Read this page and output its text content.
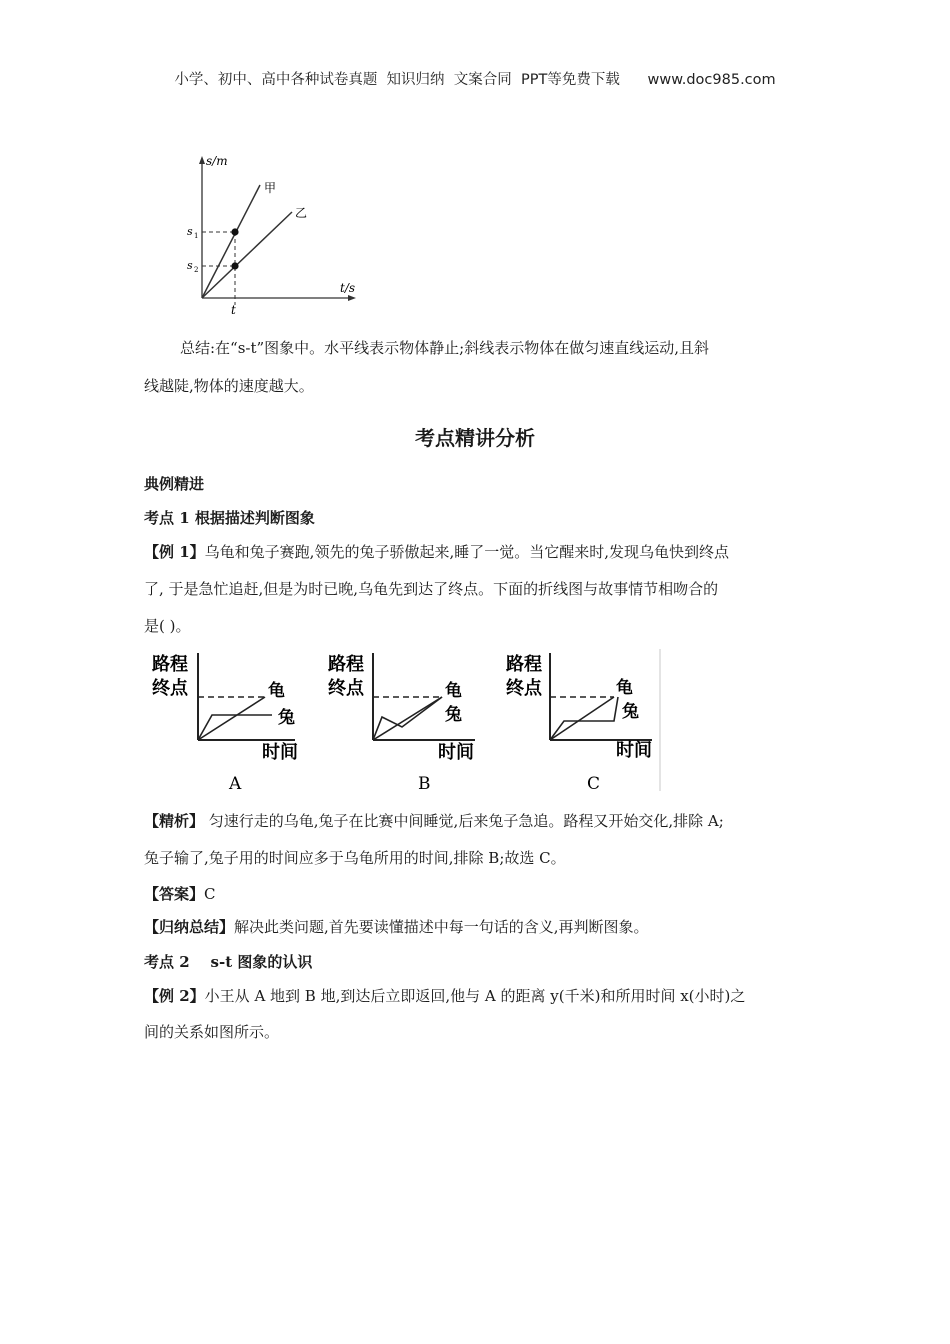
小学、初中、高中各种试卷真题  知识归纳  文案合同  PPT等免费下载 www.doc985.com
s/m
t/s
甲
乙
s 1
s 2
t
总结:在“s-t”图象中。水平线表示物体静止;斜线表示物体在做匀速直线运动,且斜
线越陡,物体的速度越大。
考点精讲分析
典例精进
考点 1 根据描述判断图象
【例 1】乌龟和兔子赛跑,领先的兔子骄傲起来,睡了一觉。当它醒来时,发现乌龟快到终点
了, 于是急忙追赶,但是为时已晚,乌龟先到达了终点。下面的折线图与故事情节相吻合的
是( )。
路程
终点	龟
兔
时间
A
路程
终点	龟
兔
时间
B
路程
终点	龟
兔
时间
C
【精析】 匀速行走的乌龟,兔子在比赛中间睡觉,后来兔子急追。路程又开始交化,排除 A;
兔子输了,兔子用的时间应多于乌龟所用的时间,排除 B;故选 C。
【答案】C
【归纳总结】解决此类问题,首先要读懂描述中每一句话的含义,再判断图象。
考点 2    s-t 图象的认识
【例 2】小王从 A 地到 B 地,到达后立即返回,他与 A 的距离 y(千米)和所用时间 x(小时)之
间的关系如图所示。
